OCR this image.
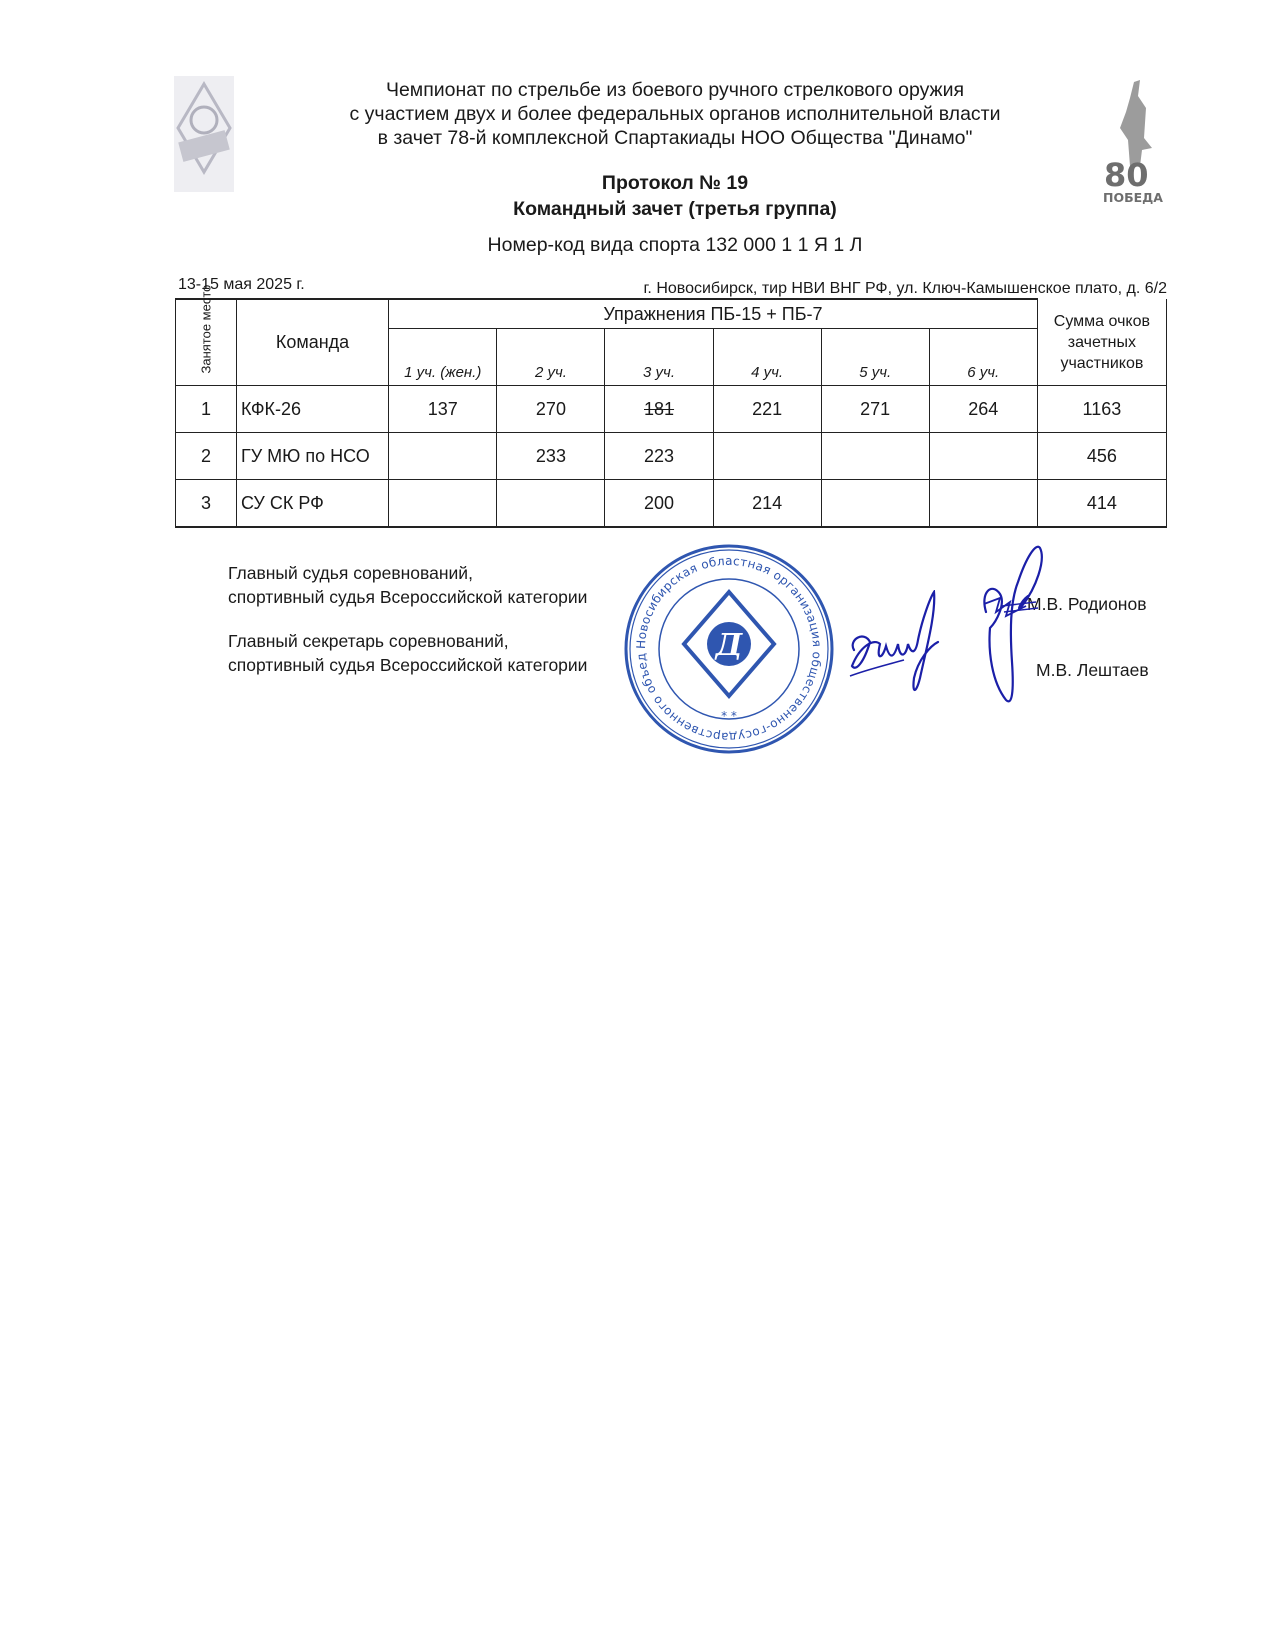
80
ПОБЕДА!
Чемпионат по стрельбе из боевого ручного стрелкового оружия
с участием двух и более федеральных органов исполнительной власти
в зачет 78-й комплексной Спартакиады НОО Общества "Динамо"
Протокол № 19
Командный зачет (третья группа)
Номер-код вида спорта 132 000 1 1 Я 1 Л
13-15 мая 2025 г.	г. Новосибирск, тир НВИ ВНГ РФ, ул. Ключ-Камышенское плато, д. 6/2
Занятое место	Команда	Упражнения ПБ-15 + ПБ-7						Сумма очков зачетных участников
		1 уч. (жен.)	2 уч.	3 уч.	4 уч.	5 уч.	6 уч.	
1	КФК-26	137	270	181	221	271	264	1163
2	ГУ МЮ по НСО		233	223				456
3	СУ СК РФ			200	214			414
Главный судья соревнований,
спортивный судья Всероссийской категории
Главный секретарь соревнований,
спортивный судья Всероссийской категории
М.В. Родионов
М.В. Лештаев
Новосибирская областная организация общественно-государственного объед	Д
* *
